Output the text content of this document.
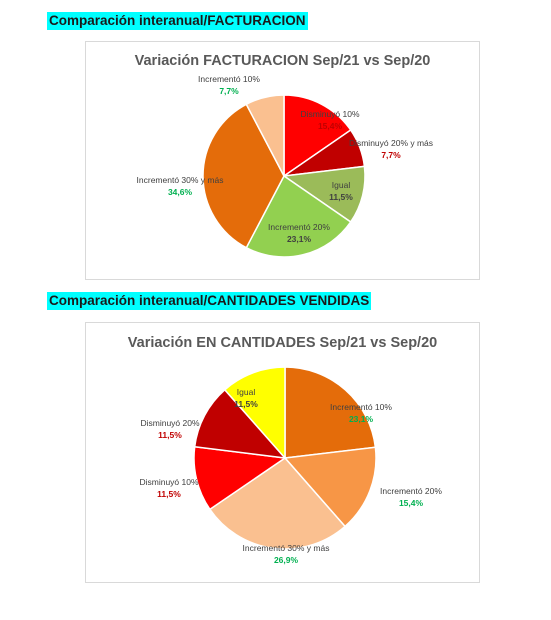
Comparación interanual/FACTURACION
Variación FACTURACION Sep/21 vs Sep/20
Disminuyó 10%
15,4%
Disminuyó 20% y más
7,7%
Igual
11,5%
Incrementó 20%
23,1%
Incrementó 30% y más
34,6%
Incrementó 10%
7,7%
Comparación interanual/CANTIDADES VENDIDAS
Variación EN CANTIDADES Sep/21 vs Sep/20
Incrementó 10%
23,1%
Incrementó 20%
15,4%
Incrementó 30% y más
26,9%
Disminuyó 10%
11,5%
Disminuyó 20%
11,5%
Igual
11,5%
